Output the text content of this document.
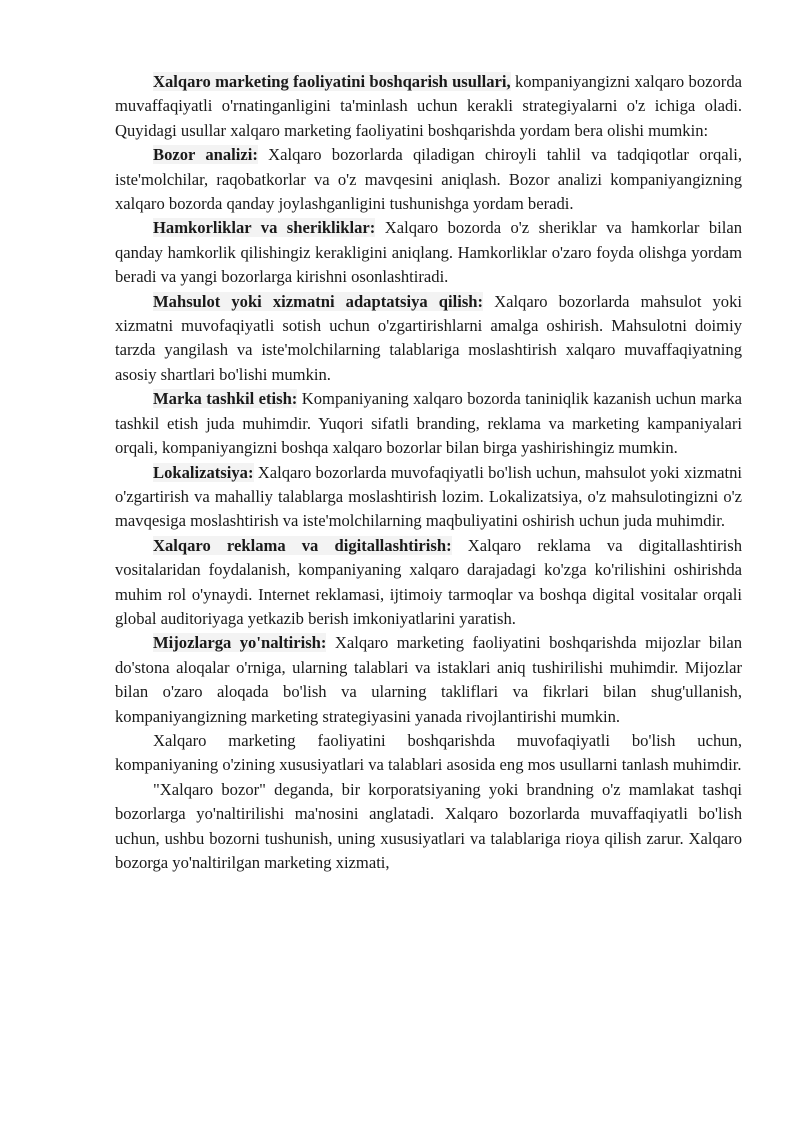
Xalqaro marketing faoliyatini boshqarish usullari, kompaniyangizni xalqaro bozorda muvaffaqiyatli o'rnatinganligini ta'minlash uchun kerakli strategiyalarni o'z ichiga oladi. Quyidagi usullar xalqaro marketing faoliyatini boshqarishda yordam bera olishi mumkin:

Bozor analizi: Xalqaro bozorlarda qiladigan chiroyli tahlil va tadqiqotlar orqali, iste'molchilar, raqobatkorlar va o'z mavqesini aniqlash. Bozor analizi kompaniyangizning xalqaro bozorda qanday joylashganligini tushunishga yordam beradi.

Hamkorliklar va sherikliklar: Xalqaro bozorda o'z sheriklar va hamkorlar bilan qanday hamkorlik qilishingiz kerakligini aniqlang. Hamkorliklar o'zaro foyda olishga yordam beradi va yangi bozorlarga kirishni osonlashtiradi.

Mahsulot yoki xizmatni adaptatsiya qilish: Xalqaro bozorlarda mahsulot yoki xizmatni muvofaqiyatli sotish uchun o'zgartirishlarni amalga oshirish. Mahsulotni doimiy tarzda yangilash va iste'molchilarning talablariga moslashtirish xalqaro muvaffaqiyatning asosiy shartlari bo'lishi mumkin.

Marka tashkil etish: Kompaniyaning xalqaro bozorda taniniqlik kazanish uchun marka tashkil etish juda muhimdir. Yuqori sifatli branding, reklama va marketing kampaniyalari orqali, kompaniyangizni boshqa xalqaro bozorlar bilan birga yashirishingiz mumkin.

Lokalizatsiya: Xalqaro bozorlarda muvofaqiyatli bo'lish uchun, mahsulot yoki xizmatni o'zgartirish va mahalliy talablarga moslashtirish lozim. Lokalizatsiya, o'z mahsulotingizni o'z mavqesiga moslashtirish va iste'molchilarning maqbuliyatini oshirish uchun juda muhimdir.

Xalqaro reklama va digitallashtirish: Xalqaro reklama va digitallashtirish vositalaridan foydalanish, kompaniyaning xalqaro darajadagi ko'zga ko'rilishini oshirishda muhim rol o'ynaydi. Internet reklamasi, ijtimoiy tarmoqlar va boshqa digital vositalar orqali global auditoriyaga yetkazib berish imkoniyatlarini yaratish.

Mijozlarga yo'naltirish: Xalqaro marketing faoliyatini boshqarishda mijozlar bilan do'stona aloqalar o'rniga, ularning talablari va istaklari aniq tushirilishi muhimdir. Mijozlar bilan o'zaro aloqada bo'lish va ularning takliflari va fikrlari bilan shug'ullanish, kompaniyangizning marketing strategiyasini yanada rivojlantirishi mumkin.

Xalqaro marketing faoliyatini boshqarishda muvofaqiyatli bo'lish uchun, kompaniyaning o'zining xususiyatlari va talablari asosida eng mos usullarni tanlash muhimdir.

"Xalqaro bozor" deganda, bir korporatsiyaning yoki brandning o'z mamlakat tashqi bozorlarga yo'naltirilishi ma'nosini anglatadi. Xalqaro bozorlarda muvaffaqiyatli bo'lish uchun, ushbu bozorni tushunish, uning xususiyatlari va talablariga rioya qilish zarur. Xalqaro bozorga yo'naltirilgan marketing xizmati,
